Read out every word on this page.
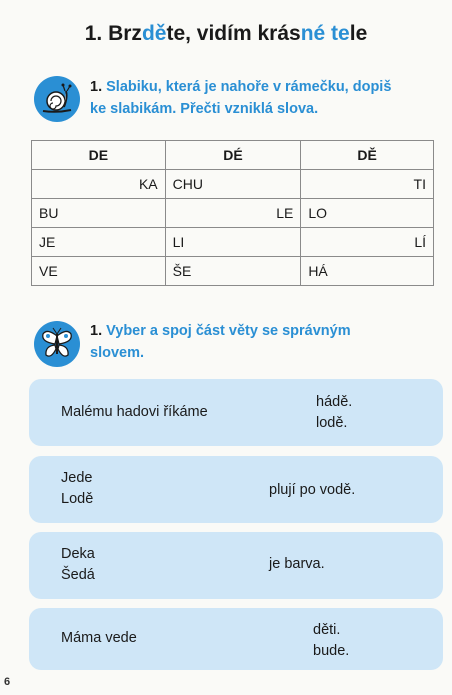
1. Brzděte, vidím krásné tele
1. Slabiku, která je nahoře v rámečku, dopiš
ke slabikám. Přečti vzniklá slova.
DE	DÉ	DĚ
KA	CHU	TI
BU	LE	LO
JE	LI	LÍ
VE	ŠE	HÁ
1. Vyber a spoj část věty se správným
slovem.
Malému hadovi říkáme
hádě.
lodě.
Jede
Lodě
plují po vodě.
Deka
Šedá
je barva.
Máma vede	děti.
bude.
6
